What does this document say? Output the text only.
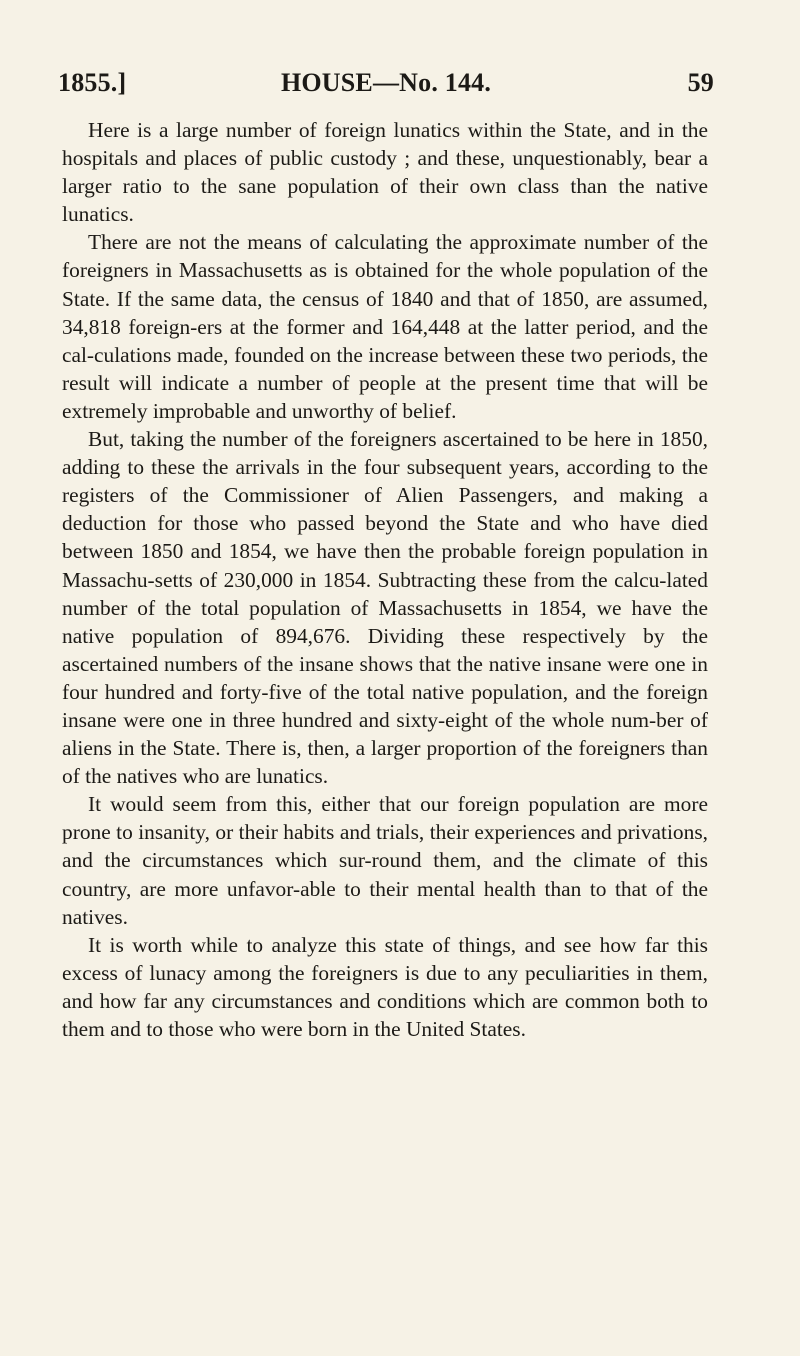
1855.]	HOUSE—No. 144.	59

Here is a large number of foreign lunatics within the State, and in the hospitals and places of public custody ; and these, unquestionably, bear a larger ratio to the sane population of their own class than the native lunatics.

There are not the means of calculating the approximate number of the foreigners in Massachusetts as is obtained for the whole population of the State. If the same data, the census of 1840 and that of 1850, are assumed, 34,818 foreign-ers at the former and 164,448 at the latter period, and the cal-culations made, founded on the increase between these two periods, the result will indicate a number of people at the present time that will be extremely improbable and unworthy of belief.

But, taking the number of the foreigners ascertained to be here in 1850, adding to these the arrivals in the four subsequent years, according to the registers of the Commissioner of Alien Passengers, and making a deduction for those who passed beyond the State and who have died between 1850 and 1854, we have then the probable foreign population in Massachu-setts of 230,000 in 1854. Subtracting these from the calcu-lated number of the total population of Massachusetts in 1854, we have the native population of 894,676. Dividing these respectively by the ascertained numbers of the insane shows that the native insane were one in four hundred and forty-five of the total native population, and the foreign insane were one in three hundred and sixty-eight of the whole num-ber of aliens in the State. There is, then, a larger proportion of the foreigners than of the natives who are lunatics.

It would seem from this, either that our foreign population are more prone to insanity, or their habits and trials, their experiences and privations, and the circumstances which sur-round them, and the climate of this country, are more unfavor-able to their mental health than to that of the natives.

It is worth while to analyze this state of things, and see how far this excess of lunacy among the foreigners is due to any peculiarities in them, and how far any circumstances and conditions which are common both to them and to those who were born in the United States.
